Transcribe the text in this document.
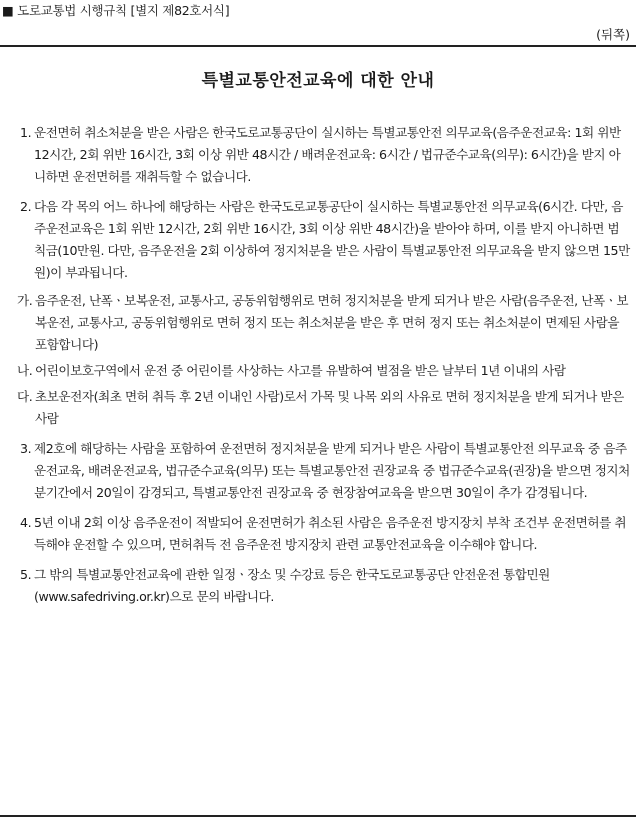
■ 도로교통법 시행규칙 [별지 제82호서식]
(뒤쪽)
특별교통안전교육에 대한 안내
1. 운전면허 취소처분을 받은 사람은 한국도로교통공단이 실시하는 특별교통안전 의무교육(음주운전교육: 1회 위반 12시간, 2회 위반 16시간, 3회 이상 위반 48시간 / 배려운전교육: 6시간 / 법규준수교육(의무): 6시간)을 받지 아니하면 운전면허를 재취득할 수 없습니다.

2. 다음 각 목의 어느 하나에 해당하는 사람은 한국도로교통공단이 실시하는 특별교통안전 의무교육(6시간. 다만, 음주운전교육은 1회 위반 12시간, 2회 위반 16시간, 3회 이상 위반 48시간)을 받아야 하며, 이를 받지 아니하면 범칙금(10만원. 다만, 음주운전을 2회 이상하여 정지처분을 받은 사람이 특별교통안전 의무교육을 받지 않으면 15만원)이 부과됩니다.

가. 음주운전, 난폭ㆍ보복운전, 교통사고, 공동위험행위로 면허 정지처분을 받게 되거나 받은 사람(음주운전, 난폭ㆍ보복운전, 교통사고, 공동위험행위로 면허 정지 또는 취소처분을 받은 후 면허 정지 또는 취소처분이 면제된 사람을 포함합니다)

나. 어린이보호구역에서 운전 중 어린이를 사상하는 사고를 유발하여 벌점을 받은 날부터 1년 이내의 사람

다. 초보운전자(최초 면허 취득 후 2년 이내인 사람)로서 가목 및 나목 외의 사유로 면허 정지처분을 받게 되거나 받은 사람

3. 제2호에 해당하는 사람을 포함하여 운전면허 정지처분을 받게 되거나 받은 사람이 특별교통안전 의무교육 중 음주운전교육, 배려운전교육, 법규준수교육(의무) 또는 특별교통안전 권장교육 중 법규준수교육(권장)을 받으면 정지처분기간에서 20일이 감경되고, 특별교통안전 권장교육 중 현장참여교육을 받으면 30일이 추가 감경됩니다.

4. 5년 이내 2회 이상 음주운전이 적발되어 운전면허가 취소된 사람은 음주운전 방지장치 부착 조건부 운전면허를 취득해야 운전할 수 있으며, 면허취득 전 음주운전 방지장치 관련 교통안전교육을 이수해야 합니다.

5. 그 밖의 특별교통안전교육에 관한 일정ㆍ장소 및 수강료 등은 한국도로교통공단 안전운전 통합민원(www.safedriving.or.kr)으로 문의 바랍니다.
